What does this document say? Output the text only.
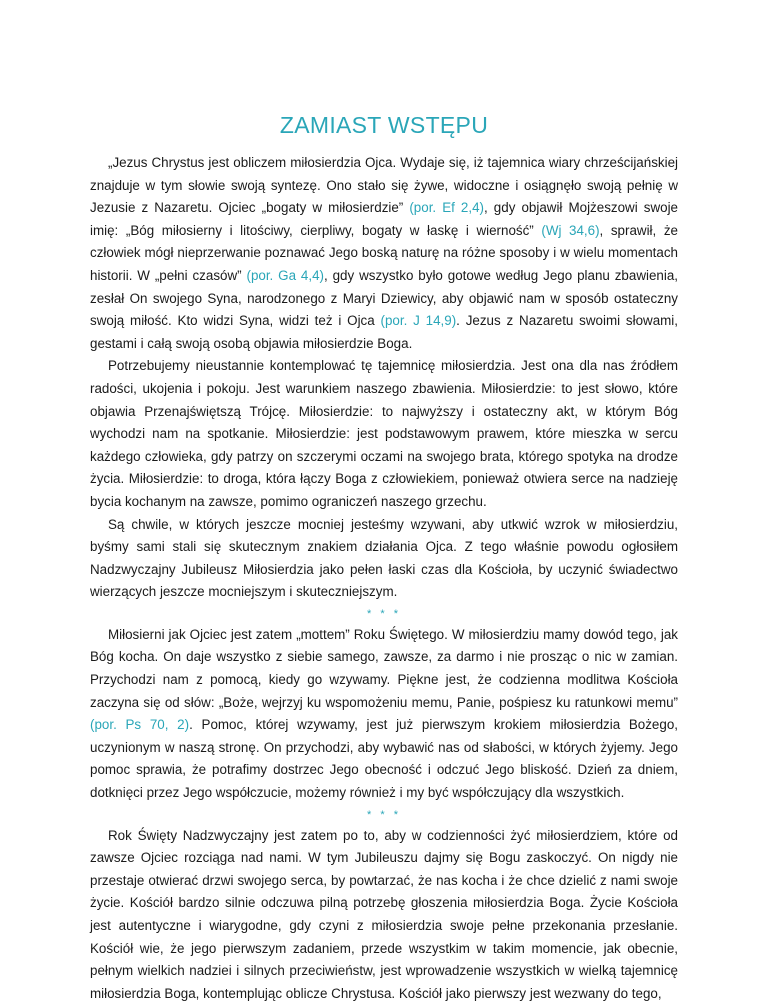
ZAMIAST WSTĘPU

„Jezus Chrystus jest obliczem miłosierdzia Ojca. Wydaje się, iż tajemnica wiary chrześcijańskiej znajduje w tym słowie swoją syntezę. Ono stało się żywe, widoczne i osiągnęło swoją pełnię w Jezusie z Nazaretu. Ojciec „bogaty w miłosierdzie” (por. Ef 2,4), gdy objawił Mojżeszowi swoje imię: „Bóg miłosierny i litościwy, cierpliwy, bogaty w łaskę i wierność” (Wj 34,6), sprawił, że człowiek mógł nieprzerwanie poznawać Jego boską naturę na różne sposoby i w wielu momentach historii. W „pełni czasów” (por. Ga 4,4), gdy wszystko było gotowe według Jego planu zbawienia, zesłał On swojego Syna, narodzonego z Maryi Dziewicy, aby objawić nam w sposób ostateczny swoją miłość. Kto widzi Syna, widzi też i Ojca (por. J 14,9). Jezus z Nazaretu swoimi słowami, gestami i całą swoją osobą objawia miłosierdzie Boga.

Potrzebujemy nieustannie kontemplować tę tajemnicę miłosierdzia. Jest ona dla nas źródłem radości, ukojenia i pokoju. Jest warunkiem naszego zbawienia. Miłosierdzie: to jest słowo, które objawia Przenajświętszą Trójcę. Miłosierdzie: to najwyższy i ostateczny akt, w którym Bóg wychodzi nam na spotkanie. Miłosierdzie: jest podstawowym prawem, które mieszka w sercu każdego człowieka, gdy patrzy on szczerymi oczami na swojego brata, którego spotyka na drodze życia. Miłosierdzie: to droga, która łączy Boga z człowiekiem, ponieważ otwiera serce na nadzieję bycia kochanym na zawsze, pomimo ograniczeń naszego grzechu.

Są chwile, w których jeszcze mocniej jesteśmy wzywani, aby utkwić wzrok w miłosierdziu, byśmy sami stali się skutecznym znakiem działania Ojca. Z tego właśnie powodu ogłosiłem Nadzwyczajny Jubileusz Miłosierdzia jako pełen łaski czas dla Kościoła, by uczynić świadectwo wierzących jeszcze mocniejszym i skuteczniejszym.

* * *

Miłosierni jak Ojciec jest zatem „mottem” Roku Świętego. W miłosierdziu mamy dowód tego, jak Bóg kocha. On daje wszystko z siebie samego, zawsze, za darmo i nie prosząc o nic w zamian. Przychodzi nam z pomocą, kiedy go wzywamy. Piękne jest, że codzienna modlitwa Kościoła zaczyna się od słów: „Boże, wejrzyj ku wspomożeniu memu, Panie, pośpiesz ku ratunkowi memu” (por. Ps 70, 2). Pomoc, której wzywamy, jest już pierwszym krokiem miłosierdzia Bożego, uczynionym w naszą stronę. On przychodzi, aby wybawić nas od słabości, w których żyjemy. Jego pomoc sprawia, że potrafimy dostrzec Jego obecność i odczuć Jego bliskość. Dzień za dniem, dotknięci przez Jego współczucie, możemy również i my być współczujący dla wszystkich.

* * *

Rok Święty Nadzwyczajny jest zatem po to, aby w codzienności żyć miłosierdziem, które od zawsze Ojciec rozciąga nad nami. W tym Jubileuszu dajmy się Bogu zaskoczyć. On nigdy nie przestaje otwierać drzwi swojego serca, by powtarzać, że nas kocha i że chce dzielić z nami swoje życie. Kościół bardzo silnie odczuwa pilną potrzebę głoszenia miłosierdzia Boga. Życie Kościoła jest autentyczne i wiarygodne, gdy czyni z miłosierdzia swoje pełne przekonania przesłanie. Kościół wie, że jego pierwszym zadaniem, przede wszystkim w takim momencie, jak obecnie, pełnym wielkich nadziei i silnych przeciwieństw, jest wprowadzenie wszystkich w wielką tajemnicę miłosierdzia Boga, kontemplując oblicze Chrystusa. Kościół jako pierwszy jest wezwany do tego,
